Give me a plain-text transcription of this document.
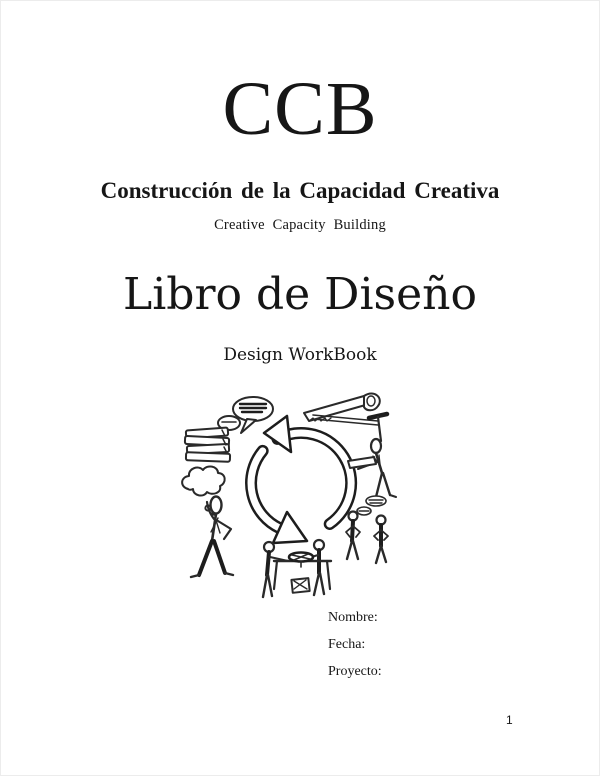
CCB
Construcción de la Capacidad Creativa
Creative Capacity Building
Libro de Diseño
Design WorkBook
Nombre:
Fecha:
Proyecto:
1
